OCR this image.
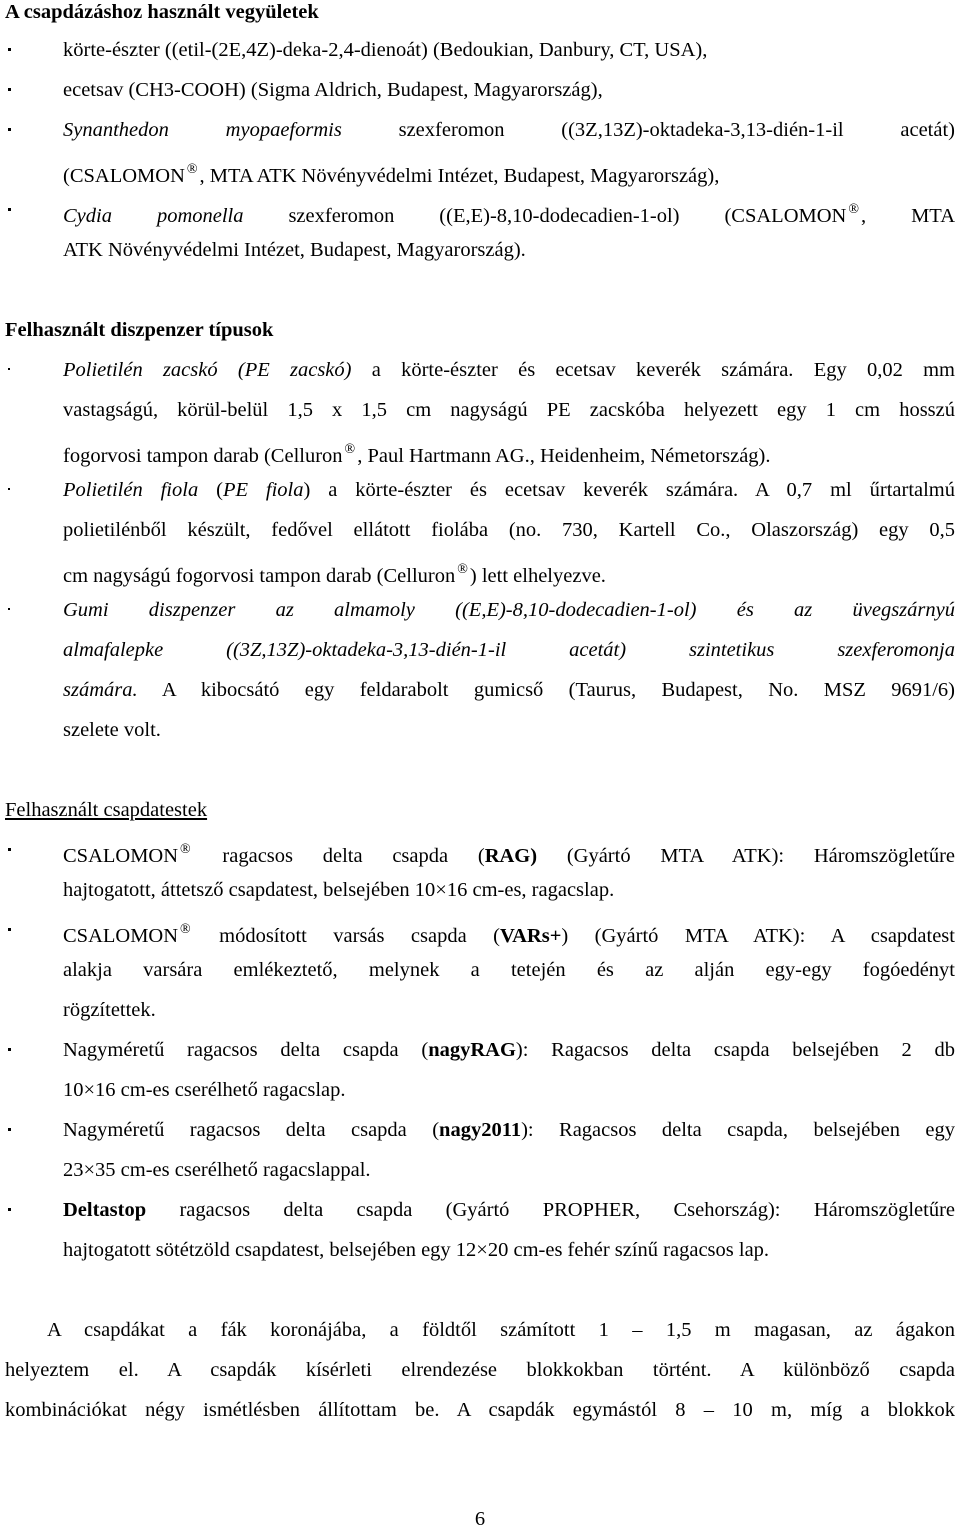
A csapdázáshoz használt vegyületek
körte-észter ((etil-(2E,4Z)-deka-2,4-dienoát) (Bedoukian, Danbury, CT, USA),
ecetsav (CH3-COOH) (Sigma Aldrich, Budapest, Magyarország),
Synanthedon myopaeformis szexferomon ((3Z,13Z)-oktadeka-3,13-dién-1-il acetát)
(CSALOMON ®, MTA ATK Növényvédelmi Intézet, Budapest, Magyarország),
Cydia pomonella szexferomon ((E,E)-8,10-dodecadien-1-ol) (CSALOMON ®, MTA
ATK Növényvédelmi Intézet, Budapest, Magyarország).
Felhasznált diszpenzer típusok
Polietilén zacskó (PE zacskó) a körte-észter és ecetsav keverék számára. Egy 0,02 mm
vastagságú, körül-belül 1,5 x 1,5 cm nagyságú PE zacskóba helyezett egy 1 cm hosszú
fogorvosi tampon darab (Celluron ®, Paul Hartmann AG., Heidenheim, Németország).
Polietilén fiola (PE fiola) a körte-észter és ecetsav keverék számára. A 0,7 ml űrtartalmú
polietilénből készült, fedővel ellátott fiolába (no. 730, Kartell Co., Olaszország) egy 0,5
cm nagyságú fogorvosi tampon darab (Celluron ®) lett elhelyezve.
Gumi diszpenzer az almamoly ((E,E)-8,10-dodecadien-1-ol) és az üvegszárnyú
almafalepke ((3Z,13Z)-oktadeka-3,13-dién-1-il acetát) szintetikus szexferomonja
számára. A kibocsátó egy feldarabolt gumicső (Taurus, Budapest, No. MSZ 9691/6)
szelete volt.
Felhasznált csapdatestek
CSALOMON ® ragacsos delta csapda (RAG) (Gyártó MTA ATK): Háromszögletűre
hajtogatott, áttetsző csapdatest, belsejében 10×16 cm-es, ragacslap.
CSALOMON ® módosított varsás csapda (VARs+) (Gyártó MTA ATK): A csapdatest
alakja varsára emlékeztető, melynek a tetején és az alján egy-egy fogóedényt
rögzítettek.
Nagyméretű ragacsos delta csapda (nagyRAG): Ragacsos delta csapda belsejében 2 db
10×16 cm-es cserélhető ragacslap.
Nagyméretű ragacsos delta csapda (nagy2011): Ragacsos delta csapda, belsejében egy
23×35 cm-es cserélhető ragacslappal.
Deltastop ragacsos delta csapda (Gyártó PROPHER, Csehország): Háromszögletűre
hajtogatott sötétzöld csapdatest, belsejében egy 12×20 cm-es fehér színű ragacsos lap.
A csapdákat a fák koronájába, a földtől számított 1 – 1,5 m magasan, az ágakon
helyeztem el. A csapdák kísérleti elrendezése blokkokban történt. A különböző csapda
kombinációkat négy ismétlésben állítottam be. A csapdák egymástól 8 – 10 m, míg a blokkok
6
